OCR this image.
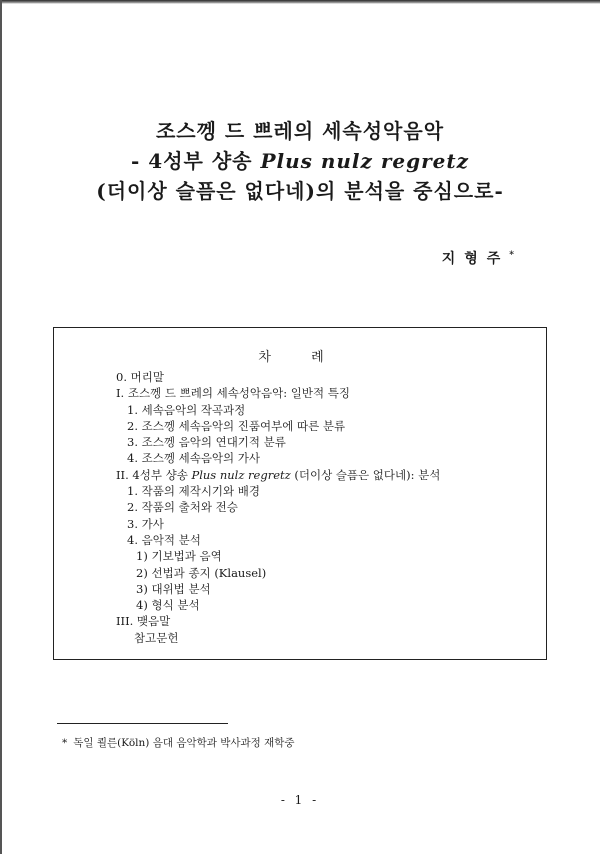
조스껭 드 쁘레의 세속성악음악
- 4성부 샹송 Plus nulz regretz
(더이상 슬픔은 없다네)의 분석을 중심으로-
지형주*
차 례
0. 머리말
I. 조스껭 드 쁘레의 세속성악음악: 일반적 특징
1. 세속음악의 작곡과정
2. 조스껭 세속음악의 진품여부에 따른 분류
3. 조스껭 음악의 연대기적 분류
4. 조스껭 세속음악의 가사
II. 4성부 샹송 Plus nulz regretz (더이상 슬픔은 없다네): 분석
1. 작품의 제작시기와 배경
2. 작품의 출처와 전승
3. 가사
4. 음악적 분석
1) 기보법과 음역
2) 선법과 종지 (Klausel)
3) 대위법 분석
4) 형식 분석
III. 맺음말
참고문헌
* 독일 쾰른(Köln) 음대 음악학과 박사과정 재학중
- 1 -
